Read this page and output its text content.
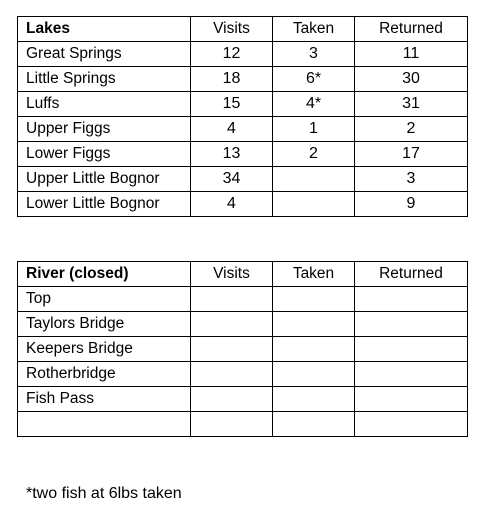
Lakes	Visits	Taken	Returned
Great Springs	12	3	11
Little Springs	18	6*	30
Luffs	15	4*	31
Upper Figgs	4	1	2
Lower Figgs	13	2	17
Upper Little Bognor	34		3
Lower Little Bognor	4		9
River (closed)	Visits	Taken	Returned
Top			
Taylors Bridge			
Keepers Bridge			
Rotherbridge			
Fish Pass			

*two fish at 6lbs taken
